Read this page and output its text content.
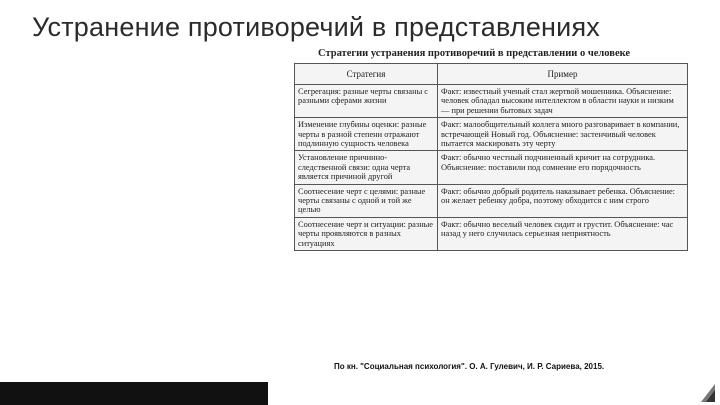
Устранение противоречий в представлениях
Стратегии устранения противоречий в представлении о человеке
Стратегия	Пример
Сегрегация: разные черты связаны с разными сферами жизни	Факт: известный ученый стал жертвой мошенника. Объяснение: человек обладал высоким интеллектом в области науки и низким — при решении бытовых задач
Изменение глубины оценки: разные черты в разной степени отражают подлинную сущность человека	Факт: малообщительный коллега много разговаривает в компании, встречающей Новый год. Объяснение: застенчивый человек пытается маскировать эту черту
Установление причинно-следственной связи: одна черта является причиной другой	Факт: обычно честный подчиненный кричит на сотрудника. Объяснение: поставили под сомнение его порядочность
Соотнесение черт с целями: разные черты связаны с одной и той же целью	Факт: обычно добрый родитель наказывает ребенка. Объяснение: он желает ребенку добра, поэтому обходится с ним строго
Соотнесение черт и ситуации: разные черты проявляются в разных ситуациях	Факт: обычно веселый человек сидит и грустит. Объяснение: час назад у него случилась серьезная неприятность
По кн. "Социальная психология". О. А. Гулевич, И. Р. Сариева, 2015.
